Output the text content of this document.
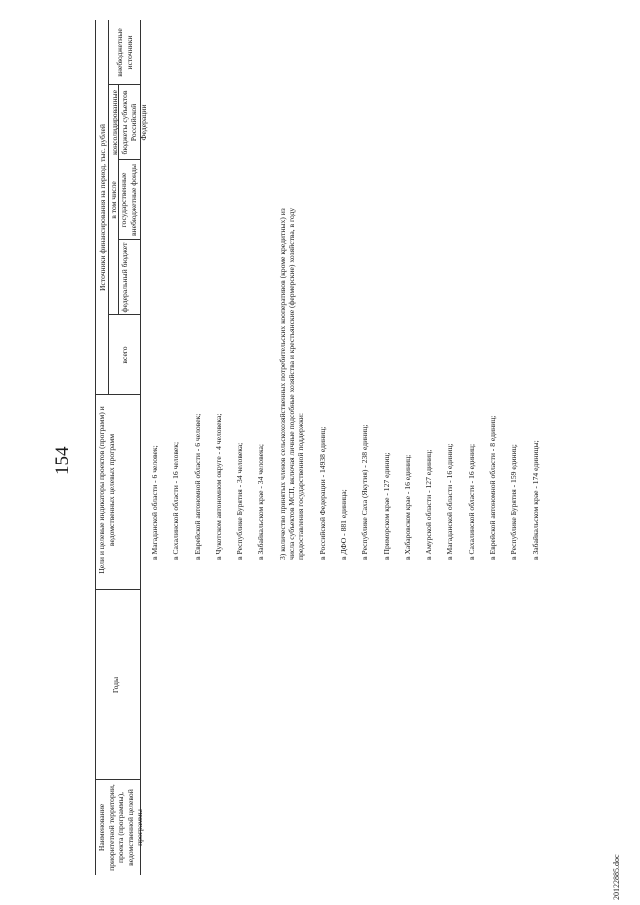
154
20122885.doc
Наименование приоритетной территории, проекта (программы), ведомственной целевой программы
Годы
Цели и целевые индикаторы проектов (программ) и ведомственных целевых программ
Источники финансирования на период, тыс. рублей
всего
в том числе
федеральный бюджет
государственные внебюджетные фонды
консолидированные бюджеты субъектов Российской Федерации
внебюджетные источники
в Магаданской области - 6 человек; в Сахалинской области - 16 человек; в Еврейской автономной области - 6 человек; в Чукотском автономном округе - 4 человека; в Республике Бурятия - 34 человека; в Забайкальском крае - 34 человека; 3) количество принятых членов сельскохозяйственных потребительских кооперативов (кроме кредитных) из числа субъектов МСП, включая личные подсобные хозяйства и крестьянские (фермерские) хозяйства, в году предоставления государственной поддержки: в Российской Федерации - 14938 единиц; в ДФО - 881 единица; в Республике Саха (Якутия) - 238 единиц; в Приморском крае - 127 единиц; в Хабаровском крае - 16 единиц; в Амурской области - 127 единиц; в Магаданской области - 16 единиц; в Сахалинской области - 16 единиц; в Еврейской автономной области - 8 единиц; в Республике Бурятия - 159 единиц; в Забайкальском крае - 174 единицы;
